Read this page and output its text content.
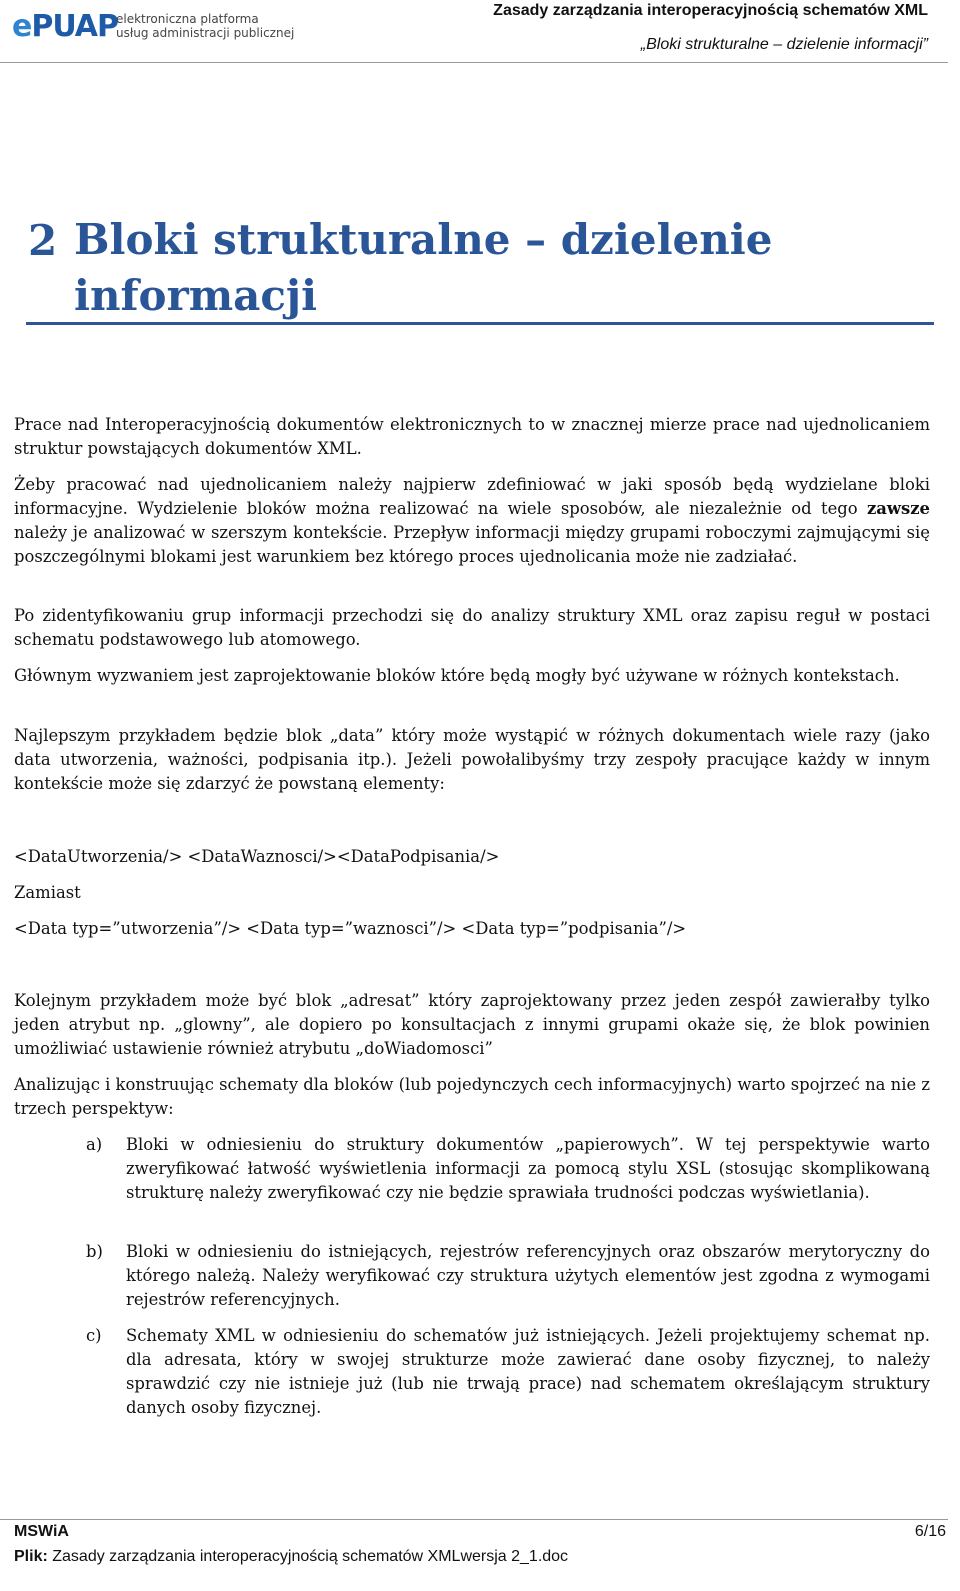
ePUAP
elektroniczna platforma
usług administracji publicznej
Zasady zarządzania interoperacyjnością schematów XML
„Bloki strukturalne – dzielenie informacji”
2 Bloki strukturalne – dzielenie informacji

Prace nad Interoperacyjnością dokumentów elektronicznych to w znacznej mierze prace nad ujednolicaniem struktur powstających dokumentów XML.

Żeby pracować nad ujednolicaniem należy najpierw zdefiniować w jaki sposób będą wydzielane bloki informacyjne. Wydzielenie bloków można realizować na wiele sposobów, ale niezależnie od tego zawsze należy je analizować w szerszym kontekście. Przepływ informacji między grupami roboczymi zajmującymi się poszczególnymi blokami jest warunkiem bez którego proces ujednolicania może nie zadziałać.

Po zidentyfikowaniu grup informacji przechodzi się do analizy struktury XML oraz zapisu reguł w postaci schematu podstawowego lub atomowego.

Głównym wyzwaniem jest zaprojektowanie bloków które będą mogły być używane w różnych kontekstach.

Najlepszym przykładem będzie blok „data” który może wystąpić w różnych dokumentach wiele razy (jako data utworzenia, ważności, podpisania itp.). Jeżeli powołalibyśmy trzy zespoły pracujące każdy w innym kontekście może się zdarzyć że powstaną elementy:

<DataUtworzenia/> <DataWaznosci/><DataPodpisania/>
Zamiast
<Data typ=”utworzenia”/> <Data typ=”waznosci”/> <Data typ=”podpisania”/>

Kolejnym przykładem może być blok „adresat” który zaprojektowany przez jeden zespół zawierałby tylko jeden atrybut np. „glowny”, ale dopiero po konsultacjach z innymi grupami okaże się, że blok powinien umożliwiać ustawienie również atrybutu „doWiadomosci”

Analizując i konstruując schematy dla bloków (lub pojedynczych cech informacyjnych) warto spojrzeć na nie z trzech perspektyw:

a) Bloki w odniesieniu do struktury dokumentów „papierowych”. W tej perspektywie warto zweryfikować łatwość wyświetlenia informacji za pomocą stylu XSL (stosując skomplikowaną strukturę należy zweryfikować czy nie będzie sprawiała trudności podczas wyświetlania).

b) Bloki w odniesieniu do istniejących, rejestrów referencyjnych oraz obszarów merytoryczny do którego należą. Należy weryfikować czy struktura użytych elementów jest zgodna z wymogami rejestrów referencyjnych.

c) Schematy XML w odniesieniu do schematów już istniejących. Jeżeli projektujemy schemat np. dla adresata, który w swojej strukturze może zawierać dane osoby fizycznej, to należy sprawdzić czy nie istnieje już (lub nie trwają prace) nad schematem określającym struktury danych osoby fizycznej.

MSWiA	6/16
Plik: Zasady zarządzania interoperacyjnością schematów XMLwersja 2_1.doc
